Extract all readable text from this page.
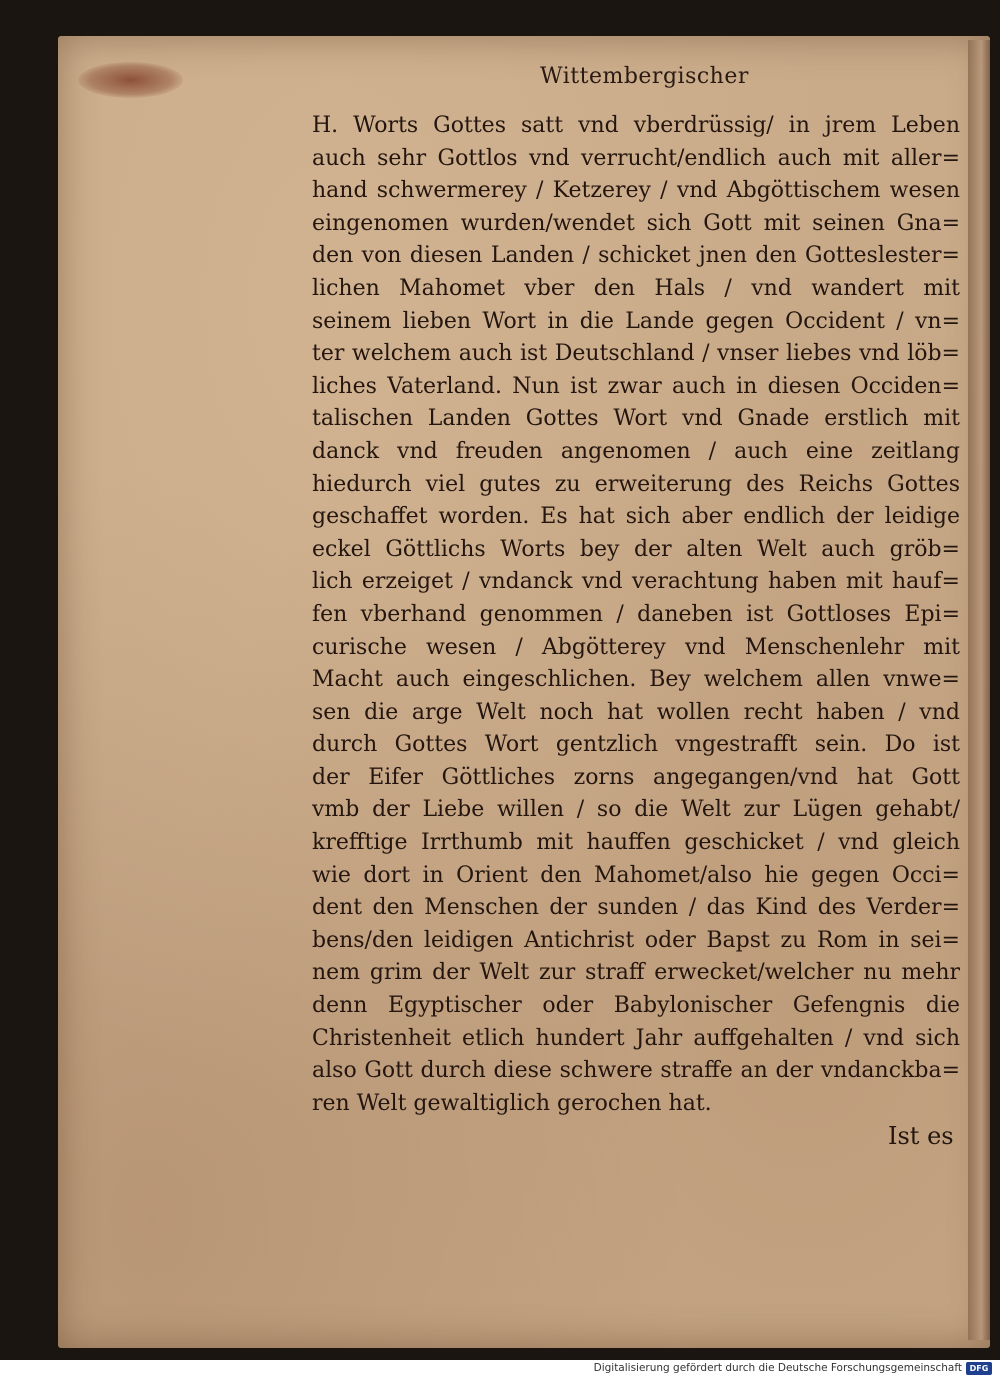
Wittembergischer
H. Worts Gottes satt vnd vberdrüssig/ in jrem Leben
auch sehr Gottlos vnd verrucht/endlich auch mit aller=
hand schwermerey / Ketzerey / vnd Abgöttischem wesen
eingenomen wurden/wendet sich Gott mit seinen Gna=
den von diesen Landen / schicket jnen den Gotteslester=
lichen Mahomet vber den Hals / vnd wandert mit
seinem lieben Wort in die Lande gegen Occident / vn=
ter welchem auch ist Deutschland / vnser liebes vnd löb=
liches Vaterland. Nun ist zwar auch in diesen Occiden=
talischen Landen Gottes Wort vnd Gnade erstlich mit
danck vnd freuden angenomen / auch eine zeitlang
hiedurch viel gutes zu erweiterung des Reichs Gottes
geschaffet worden. Es hat sich aber endlich der leidige
eckel Göttlichs Worts bey der alten Welt auch gröb=
lich erzeiget / vndanck vnd verachtung haben mit hauf=
fen vberhand genommen / daneben ist Gottloses Epi=
curische wesen / Abgötterey vnd Menschenlehr mit
Macht auch eingeschlichen. Bey welchem allen vnwe=
sen die arge Welt noch hat wollen recht haben / vnd
durch Gottes Wort gentzlich vngestrafft sein. Do ist
der Eifer Göttliches zorns angegangen/vnd hat Gott
vmb der Liebe willen / so die Welt zur Lügen gehabt/
krefftige Irrthumb mit hauffen geschicket / vnd gleich
wie dort in Orient den Mahomet/also hie gegen Occi=
dent den Menschen der sunden / das Kind des Verder=
bens/den leidigen Antichrist oder Bapst zu Rom in sei=
nem grim der Welt zur straff erwecket/welcher nu mehr
denn Egyptischer oder Babylonischer Gefengnis die
Christenheit etlich hundert Jahr auffgehalten / vnd sich
also Gott durch diese schwere straffe an der vndanckba=
ren Welt gewaltiglich gerochen hat.
Ist es
Digitalisierung gefördert durch die Deutsche Forschungsgemeinschaft DFG
